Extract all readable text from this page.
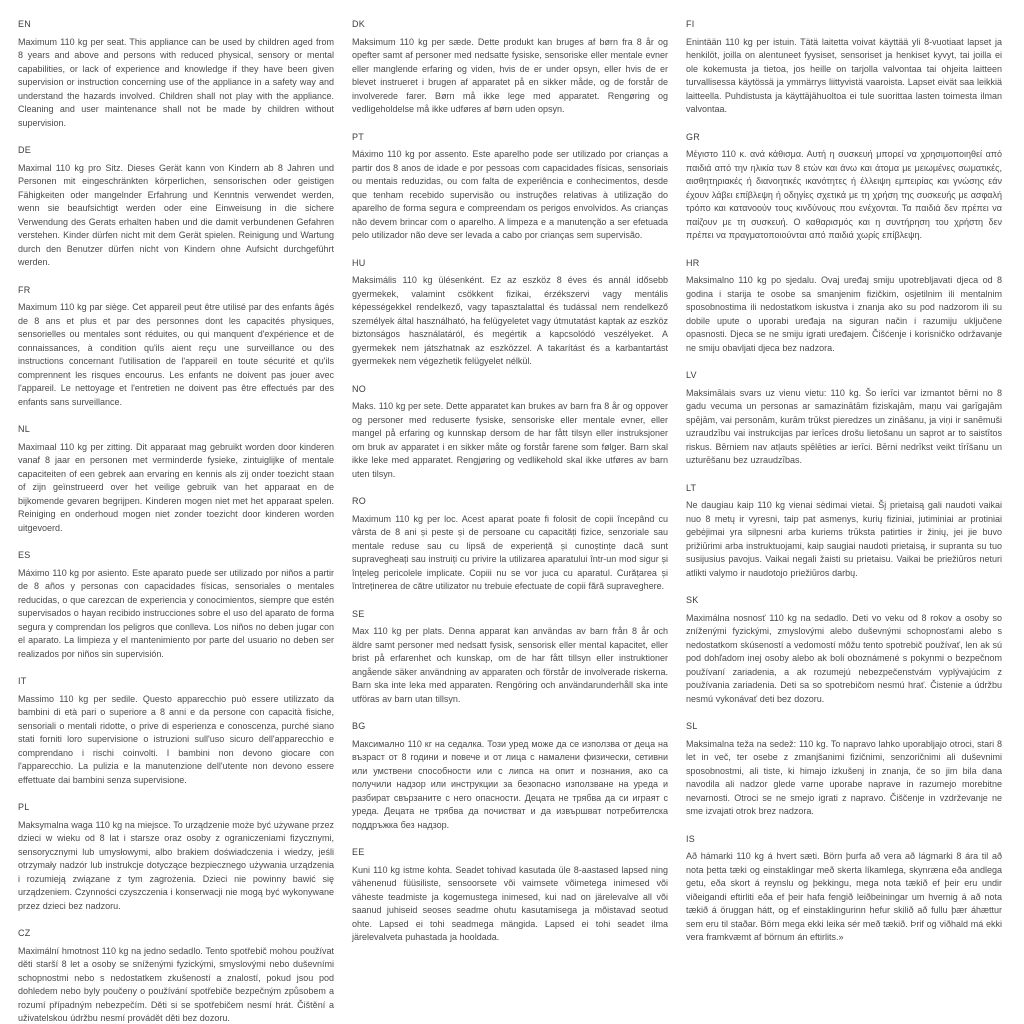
EN

Maximum 110 kg per seat. This appliance can be used by children aged from 8 years and above and persons with reduced physical, sensory or mental capabilities, or lack of experience and knowledge if they have been given supervision or instruction concerning use of the appliance in a safety way and understand the hazards involved. Children shall not play with the appliance. Cleaning and user maintenance shall not be made by children without supervision.

DE

Maximal 110 kg pro Sitz. Dieses Gerät kann von Kindern ab 8 Jahren und Personen mit eingeschränkten körperlichen, sensorischen oder geistigen Fähigkeiten oder mangelnder Erfahrung und Kenntnis verwendet werden, wenn sie beaufsichtigt werden oder eine Einweisung in die sichere Verwendung des Gerats erhalten haben und die damit verbundenen Gefahren verstehen. Kinder dürfen nicht mit dem Gerät spielen. Reinigung und Wartung durch den Benutzer dürfen nicht von Kindern ohne Aufsicht durchgeführt werden.

FR

Maximum 110 kg par siège. Cet appareil peut être utilisé par des enfants âgés de 8 ans et plus et par des personnes dont les capacités physiques, sensorielles ou mentales sont réduites, ou qui manquent d'expérience et de connaissances, à condition qu'ils aient reçu une surveillance ou des instructions concernant l'utilisation de l'appareil en toute sécurité et qu'ils comprennent les risques encourus. Les enfants ne doivent pas jouer avec l'appareil. Le nettoyage et l'entretien ne doivent pas être effectués par des enfants sans surveillance.

NL

Maximaal 110 kg per zitting. Dit apparaat mag gebruikt worden door kinderen vanaf 8 jaar en personen met verminderde fysieke, zintuiglijke of mentale capaciteiten of een gebrek aan ervaring en kennis als zij onder toezicht staan of zijn geïnstrueerd over het veilige gebruik van het apparaat en de bijkomende gevaren begrijpen. Kinderen mogen niet met het apparaat spelen. Reiniging en onderhoud mogen niet zonder toezicht door kinderen worden uitgevoerd.

ES

Máximo 110 kg por asiento. Este aparato puede ser utilizado por niños a partir de 8 años y personas con capacidades físicas, sensoriales o mentales reducidas, o que carezcan de experiencia y conocimientos, siempre que estén supervisados o hayan recibido instrucciones sobre el uso del aparato de forma segura y comprendan los peligros que conlleva. Los niños no deben jugar con el aparato. La limpieza y el mantenimiento por parte del usuario no deben ser realizados por niños sin supervisión.

IT

Massimo 110 kg per sedile. Questo apparecchio può essere utilizzato da bambini di età pari o superiore a 8 anni e da persone con capacità fisiche, sensoriali o mentali ridotte, o prive di esperienza e conoscenza, purché siano stati forniti loro supervisione o istruzioni sull'uso sicuro dell'apparecchio e comprendano i rischi coinvolti. I bambini non devono giocare con l'apparecchio. La pulizia e la manutenzione dell'utente non devono essere effettuate dai bambini senza supervisione.

PL

Maksymalna waga 110 kg na miejsce. To urządzenie może być używane przez dzieci w wieku od 8 lat i starsze oraz osoby z ograniczeniami fizycznymi, sensorycznymi lub umysłowymi, albo brakiem doświadczenia i wiedzy, jeśli otrzymały nadzór lub instrukcje dotyczące bezpiecznego używania urządzenia i rozumieją związane z tym zagrożenia. Dzieci nie powinny bawić się urządzeniem. Czynności czyszczenia i konserwacji nie mogą być wykonywane przez dzieci bez nadzoru.

CZ

Maximální hmotnost 110 kg na jedno sedadlo. Tento spotřebič mohou používat děti starší 8 let a osoby se sníženými fyzickými, smyslovými nebo duševními schopnostmi nebo s nedostatkem zkušeností a znalostí, pokud jsou pod dohledem nebo byly poučeny o používání spotřebiče bezpečným způsobem a rozumí případným nebezpečím. Děti si se spotřebičem nesmí hrát. Čištění a uživatelskou údržbu nesmí provádět děti bez dozoru.

DK

Maksimum 110 kg per sæde. Dette produkt kan bruges af børn fra 8 år og opefter samt af personer med nedsatte fysiske, sensoriske eller mentale evner eller manglende erfaring og viden, hvis de er under opsyn, eller hvis de er blevet instrueret i brugen af apparatet på en sikker måde, og de forstår de involverede farer. Børn må ikke lege med apparatet. Rengøring og vedligeholdelse må ikke udføres af børn uden opsyn.

PT

Máximo 110 kg por assento. Este aparelho pode ser utilizado por crianças a partir dos 8 anos de idade e por pessoas com capacidades físicas, sensoriais ou mentais reduzidas, ou com falta de experiência e conhecimentos, desde que tenham recebido supervisão ou instruções relativas à utilização do aparelho de forma segura e compreendam os perigos envolvidos. As crianças não devem brincar com o aparelho. A limpeza e a manutenção a ser efetuada pelo utilizador não deve ser levada a cabo por crianças sem supervisão.

HU

Maksimális 110 kg ülésenként. Ez az eszköz 8 éves és annál idősebb gyermekek, valamint csökkent fizikai, érzékszervi vagy mentális képességekkel rendelkező, vagy tapasztalattal és tudással nem rendelkező személyek által használható, ha felügyeletet vagy útmutatást kaptak az eszköz biztonságos használatáról, és megértik a kapcsolódó veszélyeket. A gyermekek nem játszhatnak az eszközzel. A takarítást és a karbantartást gyermekek nem végezhetik felügyelet nélkül.

NO

Maks. 110 kg per sete. Dette apparatet kan brukes av barn fra 8 år og oppover og personer med reduserte fysiske, sensoriske eller mentale evner, eller mangel på erfaring og kunnskap dersom de har fått tilsyn eller instruksjoner om bruk av apparatet i en sikker måte og forstår farene som følger. Barn skal ikke leke med apparatet. Rengjøring og vedlikehold skal ikke utføres av barn uten tilsyn.

RO

Maximum 110 kg per loc. Acest aparat poate fi folosit de copii începând cu vârsta de 8 ani și peste și de persoane cu capacități fizice, senzoriale sau mentale reduse sau cu lipsă de experiență și cunoștințe dacă sunt supravegheați sau instruiți cu privire la utilizarea aparatului într-un mod sigur și înțeleg pericolele implicate. Copiii nu se vor juca cu aparatul. Curățarea și întreținerea de către utilizator nu trebuie efectuate de copii fără supraveghere.

SE

Max 110 kg per plats. Denna apparat kan användas av barn från 8 år och äldre samt personer med nedsatt fysisk, sensorisk eller mental kapacitet, eller brist på erfarenhet och kunskap, om de har fått tillsyn eller instruktioner angående säker användning av apparaten och förstår de involverade riskerna. Barn ska inte leka med apparaten. Rengöring och användarunderhåll ska inte utföras av barn utan tillsyn.

BG

Максимално 110 кг на седалка. Този уред може да се използва от деца на възраст от 8 години и повече и от лица с намалени физически, сетивни или умствени способности или с липса на опит и познания, ако са получили надзор или инструкции за безопасно използване на уреда и разбират свързаните с него опасности. Децата не трябва да си играят с уреда. Децата не трябва да почистват и да извършват потребителска поддръжка без надзор.

EE

Kuni 110 kg istme kohta. Seadet tohivad kasutada üle 8-aastased lapsed ning vähenenud füüsiliste, sensoorsete või vaimsete võimetega inimesed või väheste teadmiste ja kogemustega inimesed, kui nad on järelevalve all või saanud juhiseid seoses seadme ohutu kasutamisega ja mõistavad seotud ohte. Lapsed ei tohi seadmega mängida. Lapsed ei tohi seadet ilma järelevalveta puhastada ja hooldada.

FI

Enintään 110 kg per istuin. Tätä laitetta voivat käyttää yli 8-vuotiaat lapset ja henkilöt, joilla on alentuneet fyysiset, sensoriset ja henkiset kyvyt, tai joilla ei ole kokemusta ja tietoa, jos heille on tarjolla valvontaa tai ohjeita laitteen turvallisessa käytössä ja ymmärrys liittyvistä vaaroista. Lapset eivät saa leikkiä laitteella. Puhdistusta ja käyttäjähuoltoa ei tule suorittaa lasten toimesta ilman valvontaa.

GR

Μέγιστο 110 κ. ανά κάθισμα. Αυτή η συσκευή μπορεί να χρησιμοποιηθεί από παιδιά από την ηλικία των 8 ετών και άνω και άτομα με μειωμένες σωματικές, αισθητηριακές ή διανοητικές ικανότητες ή έλλειψη εμπειρίας και γνώσης εάν έχουν λάβει επίβλεψη ή οδηγίες σχετικά με τη χρήση της συσκευής με ασφαλή τρόπο και κατανοούν τους κινδύνους που ενέχονται. Τα παιδιά δεν πρέπει να παίζουν με τη συσκευή. Ο καθαρισμός και η συντήρηση του χρήστη δεν πρέπει να πραγματοποιούνται από παιδιά χωρίς επίβλεψη.

HR

Maksimalno 110 kg po sjedalu. Ovaj uređaj smiju upotrebljavati djeca od 8 godina i starija te osobe sa smanjenim fizičkim, osjetilnim ili mentalnim sposobnostima ili nedostatkom iskustva i znanja ako su pod nadzorom ili su dobile upute o uporabi uređaja na siguran način i razumiju uključene opasnosti. Djeca se ne smiju igrati uređajem. Čišćenje i korisničko održavanje ne smiju obavljati djeca bez nadzora.

LV

Maksimālais svars uz vienu vietu: 110 kg. Šo ierīci var izmantot bērni no 8 gadu vecuma un personas ar samazinātām fiziskajām, maņu vai garīgajām spējām, vai personām, kurām trūkst pieredzes un zināšanu, ja viņi ir sanēmuši uzraudzību vai instrukcijas par ierīces drošu lietošanu un saprot ar to saistītos riskus. Bērniem nav atļauts spēlēties ar ierīci. Bērni nedrīkst veikt tīrīšanu un uzturēšanu bez uzraudzības.

LT

Ne daugiau kaip 110 kg vienai sėdimai vietai. Šį prietaisą gali naudoti vaikai nuo 8 metų ir vyresni, taip pat asmenys, kurių fiziniai, jutiminiai ar protiniai gebėjimai yra silpnesni arba kuriems trūksta patirties ir žinių, jei jie buvo prižiūrimi arba instruktuojami, kaip saugiai naudoti prietaisą, ir supranta su tuo susijusius pavojus. Vaikai negali žaisti su prietaisu. Vaikai be priežiūros neturi atlikti valymo ir naudotojo priežiūros darbų.

SK

Maximálna nosnosť 110 kg na sedadlo. Deti vo veku od 8 rokov a osoby so zníženými fyzickými, zmyslovými alebo duševnými schopnosťami alebo s nedostatkom skúseností a vedomostí môžu tento spotrebič používať, len ak sú pod dohľadom inej osoby alebo ak boli oboznámené s pokynmi o bezpečnom používaní zariadenia, a ak rozumejú nebezpečenstvám vyplývajúcim z používania zariadenia. Deti sa so spotrebičom nesmú hrať. Čistenie a údržbu nesmú vykonávať deti bez dozoru.

SL

Maksimalna teža na sedež: 110 kg. To napravo lahko uporabljajo otroci, stari 8 let in več, ter osebe z zmanjšanimi fizičnimi, senzoričnimi ali duševnimi sposobnostmi, ali tiste, ki himajo izkušenj in znanja, če so jim bila dana navodila ali nadzor glede varne uporabe naprave in razumejo morebitne nevarnosti. Otroci se ne smejo igrati z napravo. Čiščenje in vzdrževanje ne sme izvajati otrok brez nadzora.

IS

Að hámarki 110 kg á hvert sæti. Börn þurfa að vera að lágmarki 8 ára til að nota þetta tæki og einstaklingar með skerta líkamlega, skynræna eða andlega getu, eða skort á reynslu og þekkingu, mega nota tækið ef þeir eru undir viðeigandi eftirliti eða ef þeir hafa fengið leiðbeiningar um hvernig á að nota tækið á öruggan hátt, og ef einstaklingurinn hefur skilið að fullu þær áhættur sem eru til staðar. Börn mega ekki leika sér með tækið. Þrif og viðhald má ekki vera framkvæmt af börnum án eftirlits.»
